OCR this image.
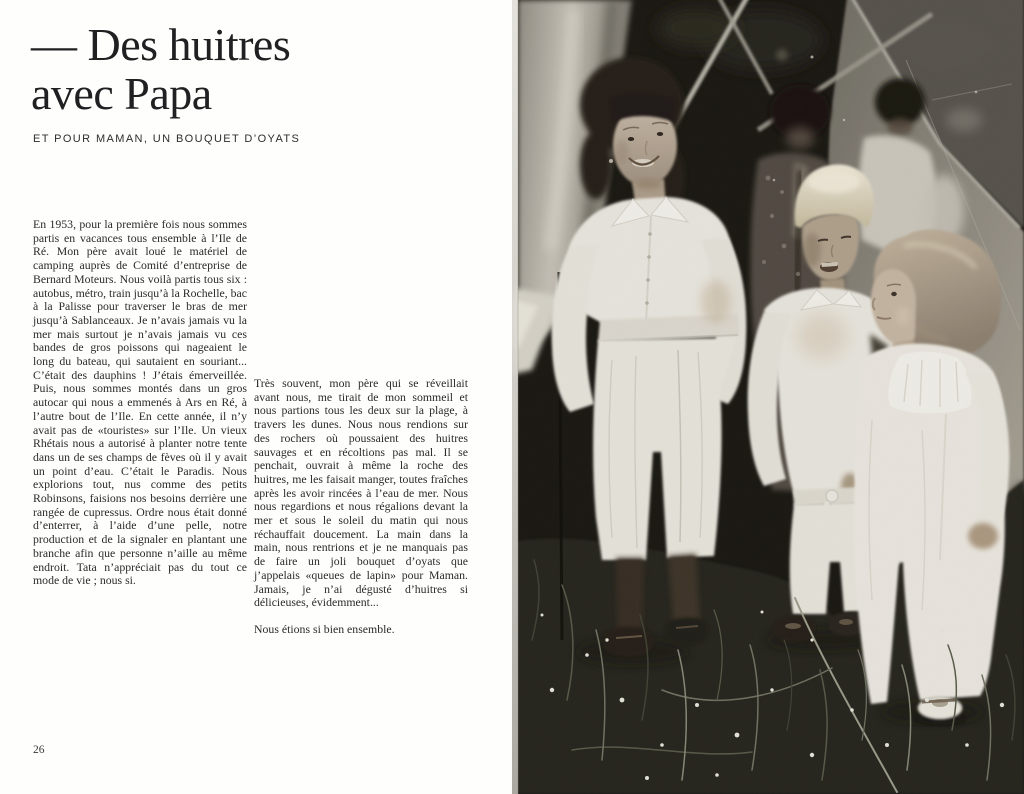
— Des huitres
avec Papa
ET POUR MAMAN, UN BOUQUET D’OYATS

En 1953, pour la première fois nous sommes partis en vacances tous ensemble à l’Ile de Ré. Mon père avait loué le matériel de camping auprès de Comité d’entreprise de Bernard Moteurs. Nous voilà partis tous six : autobus, métro, train jusqu’à la Rochelle, bac à la Palisse pour traverser le bras de mer jusqu’à Sablanceaux. Je n’avais jamais vu la mer mais surtout je n’avais jamais vu ces bandes de gros poissons qui nageaient le long du bateau, qui sautaient en souriant... C’était des dauphins ! J’étais émerveillée. Puis, nous sommes montés dans un gros autocar qui nous a emmenés à Ars en Ré, à l’autre bout de l’Ile. En cette année, il n’y avait pas de «touristes» sur l’Ile. Un vieux Rhétais nous a autorisé à planter notre tente dans un de ses champs de fèves où il y avait un point d’eau. C’était le Paradis. Nous explorions tout, nus comme des petits Robinsons, faisions nos besoins derrière une rangée de cupressus. Ordre nous était donné d’enterrer, à l’aide d’une pelle, notre production et de la signaler en plantant une branche afin que personne n’aille au même endroit. Tata n’appréciait pas du tout ce mode de vie ; nous si.

Très souvent, mon père qui se réveillait avant nous, me tirait de mon sommeil et nous partions tous les deux sur la plage, à travers les dunes. Nous nous rendions sur des rochers où poussaient des huitres sauvages et en récoltions pas mal. Il se penchait, ouvrait à même la roche des huitres, me les faisait manger, toutes fraîches après les avoir rincées à l’eau de mer. Nous nous regardions et nous régalions devant la mer et sous le soleil du matin qui nous réchauffait doucement. La main dans la main, nous rentrions et je ne manquais pas de faire un joli bouquet d’oyats que j’appelais «queues de lapin» pour Maman. Jamais, je n’ai dégusté d’huitres si délicieuses, évidemment...

Nous étions si bien ensemble.

26
